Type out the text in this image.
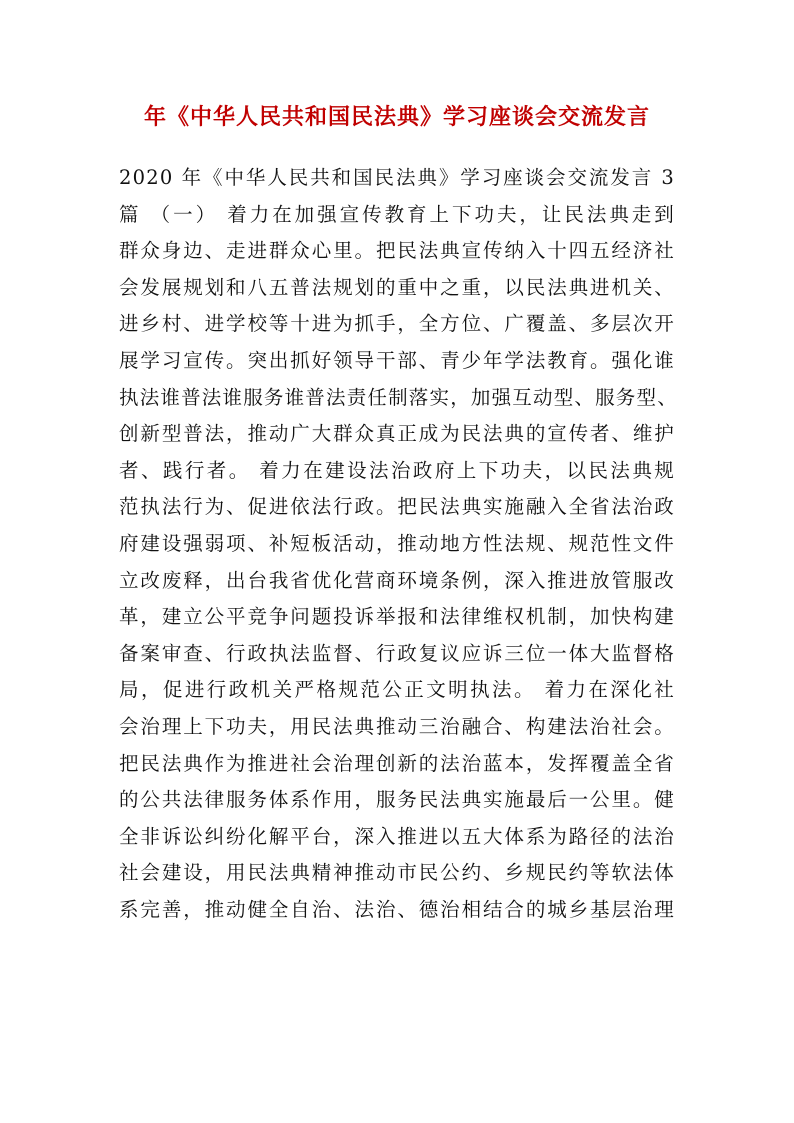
年《中华人民共和国民法典》学习座谈会交流发言
2020 年《中华人民共和国民法典》学习座谈会交流发言 3
篇 （一） 着力在加强宣传教育上下功夫，让民法典走到
群众身边、走进群众心里。把民法典宣传纳入十四五经济社
会发展规划和八五普法规划的重中之重，以民法典进机关、
进乡村、进学校等十进为抓手，全方位、广覆盖、多层次开
展学习宣传。突出抓好领导干部、青少年学法教育。强化谁
执法谁普法谁服务谁普法责任制落实，加强互动型、服务型、
创新型普法，推动广大群众真正成为民法典的宣传者、维护
者、践行者。 着力在建设法治政府上下功夫，以民法典规
范执法行为、促进依法行政。把民法典实施融入全省法治政
府建设强弱项、补短板活动，推动地方性法规、规范性文件
立改废释，出台我省优化营商环境条例，深入推进放管服改
革，建立公平竞争问题投诉举报和法律维权机制，加快构建
备案审查、行政执法监督、行政复议应诉三位一体大监督格
局，促进行政机关严格规范公正文明执法。 着力在深化社
会治理上下功夫，用民法典推动三治融合、构建法治社会。
把民法典作为推进社会治理创新的法治蓝本，发挥覆盖全省
的公共法律服务体系作用，服务民法典实施最后一公里。健
全非诉讼纠纷化解平台，深入推进以五大体系为路径的法治
社会建设，用民法典精神推动市民公约、乡规民约等软法体
系完善，推动健全自治、法治、德治相结合的城乡基层治理
